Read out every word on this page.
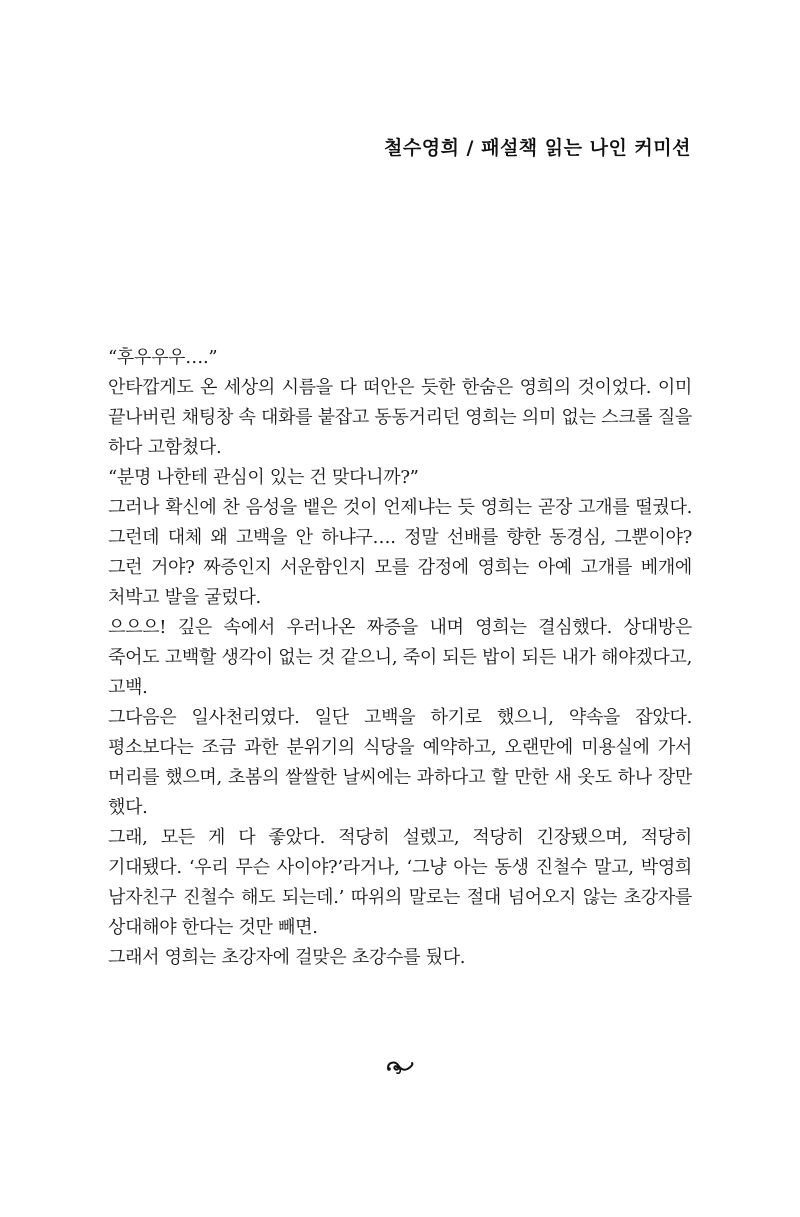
철수영희 / 패설책 읽는 나인 커미션

“후우우우….”

안타깝게도 온 세상의 시름을 다 떠안은 듯한 한숨은 영희의 것이었다. 이미 끝나버린 채팅창 속 대화를 붙잡고 동동거리던 영희는 의미 없는 스크롤 질을 하다 고함쳤다.

“분명 나한테 관심이 있는 건 맞다니까?”

그러나 확신에 찬 음성을 뱉은 것이 언제냐는 듯 영희는 곧장 고개를 떨궜다. 그런데 대체 왜 고백을 안 하냐구…. 정말 선배를 향한 동경심, 그뿐이야? 그런 거야? 짜증인지 서운함인지 모를 감정에 영희는 아예 고개를 베개에 처박고 발을 굴렀다.

으으으! 깊은 속에서 우러나온 짜증을 내며 영희는 결심했다. 상대방은 죽어도 고백할 생각이 없는 것 같으니, 죽이 되든 밥이 되든 내가 해야겠다고, 고백.

그다음은 일사천리였다. 일단 고백을 하기로 했으니, 약속을 잡았다. 평소보다는 조금 과한 분위기의 식당을 예약하고, 오랜만에 미용실에 가서 머리를 했으며, 초봄의 쌀쌀한 날씨에는 과하다고 할 만한 새 옷도 하나 장만 했다.

그래, 모든 게 다 좋았다. 적당히 설렜고, 적당히 긴장됐으며, 적당히 기대됐다. ‘우리 무슨 사이야?’라거나, ‘그냥 아는 동생 진철수 말고, 박영희 남자친구 진철수 해도 되는데.’ 따위의 말로는 절대 넘어오지 않는 초강자를 상대해야 한다는 것만 빼면.

그래서 영희는 초강자에 걸맞은 초강수를 뒀다.
